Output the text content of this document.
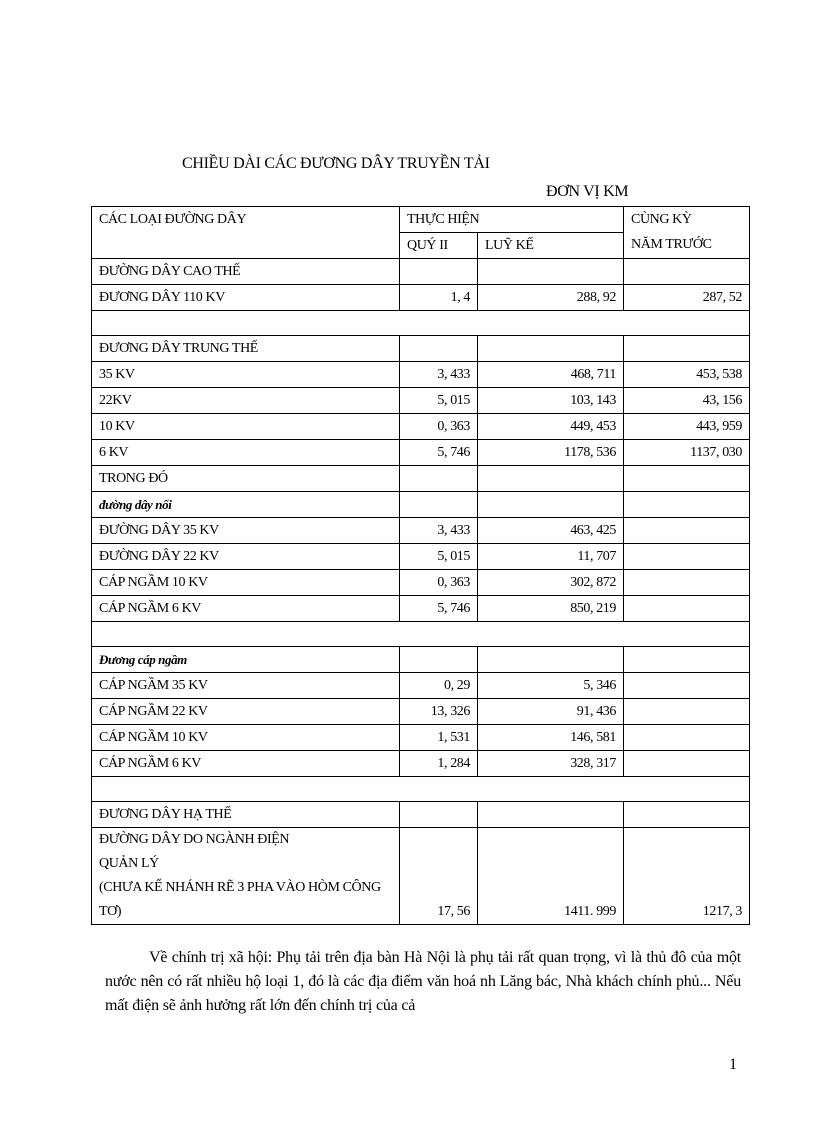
CHIỀU DÀI CÁC ĐƯƠNG DÂY TRUYỀN TẢI
ĐƠN VỊ KM
CÁC LOẠI ĐƯỜNG DÂY	THỰC HIỆN		CÙNG KỲ
NĂM TRƯỚC

	QUÝ II	LUỸ KẾ	
ĐƯỜNG DÂY CAO THẾ			
ĐƯƠNG DÂY 110 KV	1, 4	288, 92	287, 52

ĐƯƠNG DÂY TRUNG THẾ			
35 KV	3, 433	468, 711	453, 538
22KV	5, 015	103, 143	43, 156
10 KV	0, 363	449, 453	443, 959
6 KV	5, 746	1178, 536	1137, 030
TRONG ĐÓ			
đường dây nổi			
ĐƯỜNG DÂY 35 KV	3, 433	463, 425	
ĐƯỜNG DÂY 22 KV	5, 015	11, 707	
CÁP NGẦM 10 KV	0, 363	302, 872	
CÁP NGẦM 6 KV	5, 746	850, 219	

Đương cáp ngầm			
CÁP NGẦM 35 KV	0, 29	5, 346	
CÁP NGẦM 22 KV	13, 326	91, 436	
CÁP NGẦM 10 KV	1, 531	146, 581	
CÁP NGẦM 6 KV	1, 284	328, 317	

ĐƯƠNG DÂY HẠ THẾ			

ĐƯỜNG DÂY DO NGÀNH ĐIỆN
QUẢN LÝ
(CHƯA KỂ NHÁNH RẼ 3 PHA VÀO HÒM CÔNG TƠ)	17, 56	1411. 999	1217, 3

Về chính trị xã hội: Phụ tải trên địa bàn Hà Nội là phụ tải rất quan trọng, vì là thủ đô của một nước nên có rất nhiều hộ loại 1, đó là các địa điểm văn hoá nh Lăng bác, Nhà khách chính phủ... Nếu mất điện sẽ ảnh hưởng rất lớn đến chính trị của cả

1
